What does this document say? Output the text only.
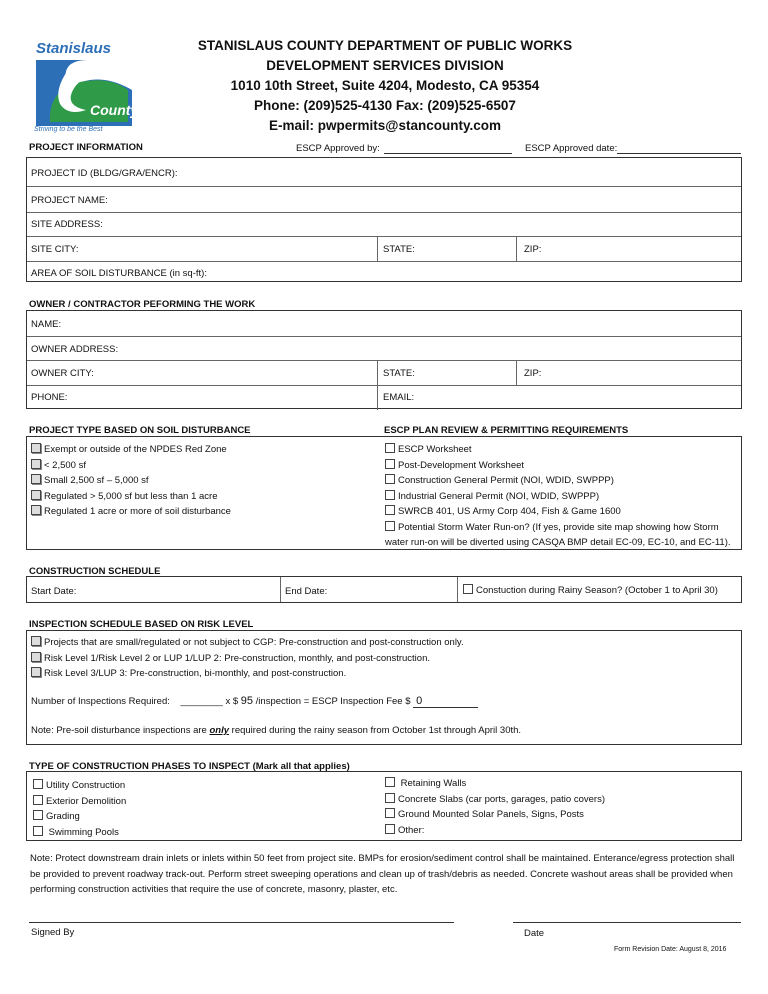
Stanislaus
County
Striving to be the Best
STANISLAUS COUNTY DEPARTMENT OF PUBLIC WORKS
DEVELOPMENT SERVICES DIVISION
1010 10th Street, Suite 4204, Modesto, CA 95354
Phone: (209)525-4130 Fax: (209)525-6507
E-mail: pwpermits@stancounty.com
PROJECT INFORMATION	ESCP Approved by:	ESCP Approved date:
PROJECT ID (BLDG/GRA/ENCR):
PROJECT NAME:
SITE ADDRESS:
SITE CITY:	STATE:	ZIP:
AREA OF SOIL DISTURBANCE (in sq-ft):
OWNER / CONTRACTOR PEFORMING THE WORK
NAME:
OWNER ADDRESS:
OWNER CITY:	STATE:	ZIP:
PHONE:	EMAIL:
PROJECT TYPE BASED ON SOIL DISTURBANCE	ESCP PLAN REVIEW & PERMITTING REQUIREMENTS
Exempt or outside of the NPDES Red Zone
< 2,500 sf
Small 2,500 sf – 5,000 sf
Regulated > 5,000 sf but less than 1 acre
Regulated 1 acre or more of soil disturbance
ESCP Worksheet
Post-Development Worksheet
Construction General Permit (NOI, WDID, SWPPP)
Industrial General Permit (NOI, WDID, SWPPP)
SWRCB 401, US Army Corp 404, Fish & Game 1600
Potential Storm Water Run-on? (If yes, provide site map showing how Storm
water run-on will be diverted using CASQA BMP detail EC-09, EC-10, and EC-11).
CONSTRUCTION SCHEDULE
Start Date:	End Date:	Constuction during Rainy Season? (October 1 to April 30)
INSPECTION SCHEDULE BASED ON RISK LEVEL
Projects that are small/regulated or not subject to CGP: Pre-construction and post-construction only.
Risk Level 1/Risk Level 2 or LUP 1/LUP 2: Pre-construction, monthly, and post-construction.
Risk Level 3/LUP 3: Pre-construction, bi-monthly, and post-construction.
Number of Inspections Required: ________ x $ 95 /inspection = ESCP Inspection Fee $ 0
Note: Pre-soil disturbance inspections are only required during the rainy season from October 1st through April 30th.
TYPE OF CONSTRUCTION PHASES TO INSPECT (Mark all that applies)
Utility Construction
Exterior Demolition
Grading
Swimming Pools
Retaining Walls
Concrete Slabs (car ports, garages, patio covers)
Ground Mounted Solar Panels, Signs, Posts
Other:
Note: Protect downstream drain inlets or inlets within 50 feet from project site. BMPs for erosion/sediment control shall be maintained. Enterance/egress protection shall be provided to prevent roadway track-out. Perform street sweeping operations and clean up of trash/debris as needed. Concrete washout areas shall be provided when performing construction activities that require the use of concrete, masonry, plaster, etc.
Signed By	Date
Form Revision Date: August 8, 2016
